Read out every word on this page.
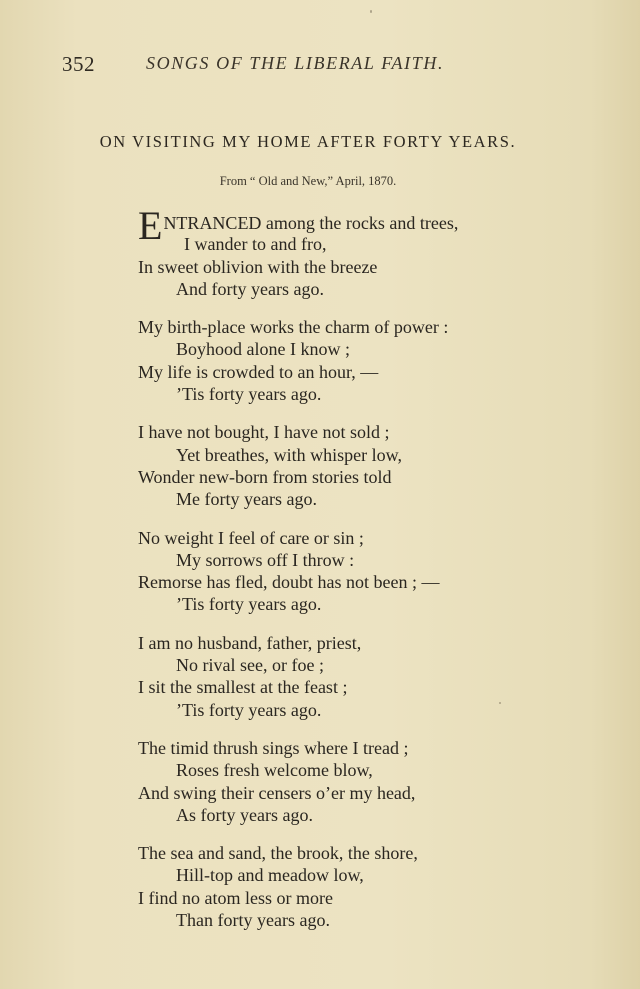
352	SONGS OF THE LIBERAL FAITH.
ON VISITING MY HOME AFTER FORTY YEARS.
From “ Old and New,” April, 1870.
ENTRANCED among the rocks and trees,
I wander to and fro,
In sweet oblivion with the breeze
And forty years ago.
My birth-place works the charm of power :
Boyhood alone I know ;
My life is crowded to an hour, —
’Tis forty years ago.
I have not bought, I have not sold ;
Yet breathes, with whisper low,
Wonder new-born from stories told
Me forty years ago.
No weight I feel of care or sin ;
My sorrows off I throw :
Remorse has fled, doubt has not been ; —
’Tis forty years ago.
I am no husband, father, priest,
No rival see, or foe ;
I sit the smallest at the feast ;
’Tis forty years ago.
The timid thrush sings where I tread ;
Roses fresh welcome blow,
And swing their censers o’er my head,
As forty years ago.
The sea and sand, the brook, the shore,
Hill-top and meadow low,
I find no atom less or more
Than forty years ago.
